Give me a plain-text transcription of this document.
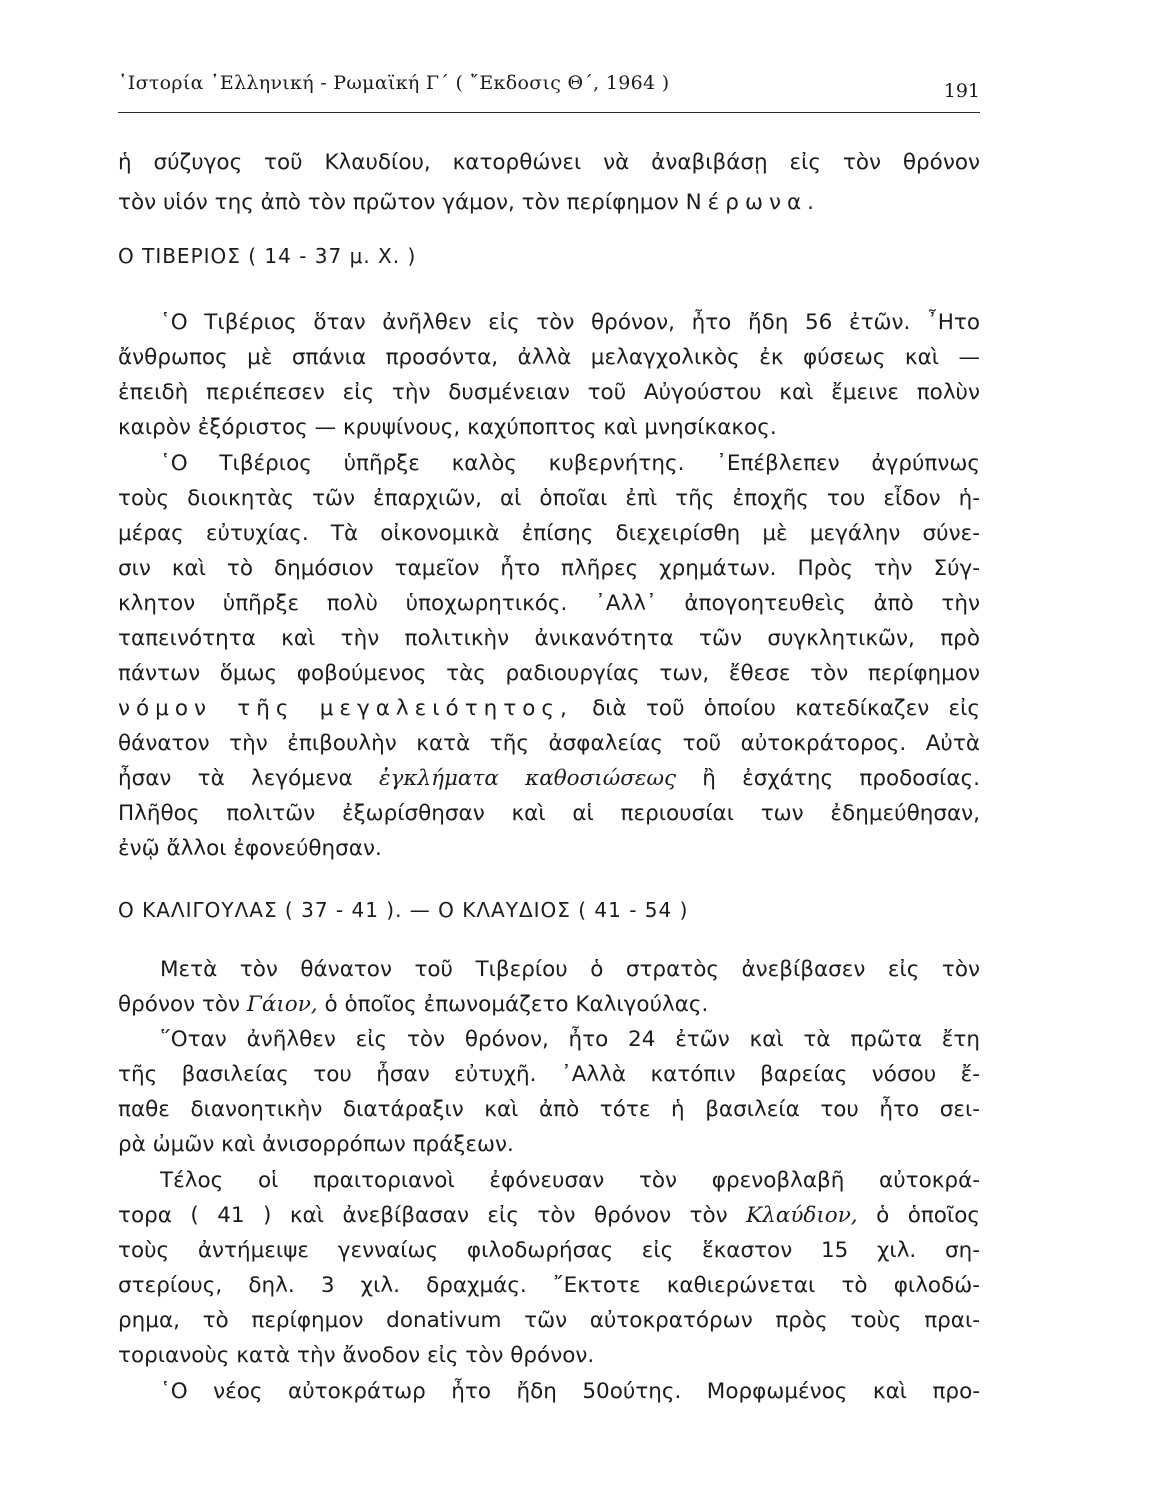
῾Ιστορία ῾Ελληνική - Ρωμαϊκή Γ΄ ( ῎Εκδοσις Θ΄, 1964 )	191
ἡ σύζυγος τοῦ Κλαυδίου, κατορθώνει νὰ ἀναβιβάσῃ εἰς τὸν θρόνον
τὸν υἱόν της ἀπὸ τὸν πρῶτον γάμον, τὸν περίφημον Νέρωνα.
Ο ΤΙΒΕΡΙΟΣ ( 14 - 37 μ. Χ. )
῾Ο Τιβέριος ὅταν ἀνῆλθεν εἰς τὸν θρόνον, ἦτο ἤδη 56 ἐτῶν. ῏Ητο
ἄνθρωπος μὲ σπάνια προσόντα, ἀλλὰ μελαγχολικὸς ἐκ φύσεως καὶ —
ἐπειδὴ περιέπεσεν εἰς τὴν δυσμένειαν τοῦ Αὐγούστου καὶ ἔμεινε πολὺν
καιρὸν ἐξόριστος — κρυψίνους, καχύποπτος καὶ μνησίκακος.
῾Ο Τιβέριος ὑπῆρξε καλὸς κυβερνήτης. ᾽Επέβλεπεν ἀγρύπνως
τοὺς διοικητὰς τῶν ἐπαρχιῶν, αἱ ὁποῖαι ἐπὶ τῆς ἐποχῆς του εἶδον ἡ-
μέρας εὐτυχίας. Τὰ οἰκονομικὰ ἐπίσης διεχειρίσθη μὲ μεγάλην σύνε-
σιν καὶ τὸ δημόσιον ταμεῖον ἦτο πλῆρες χρημάτων. Πρὸς τὴν Σύγ-
κλητον ὑπῆρξε πολὺ ὑποχωρητικός. ᾽Αλλ᾽ ἀπογοητευθεὶς ἀπὸ τὴν
ταπεινότητα καὶ τὴν πολιτικὴν ἀνικανότητα τῶν συγκλητικῶν, πρὸ
πάντων ὅμως φοβούμενος τὰς ραδιουργίας των, ἔθεσε τὸν περίφημον
νόμον τῆς μεγαλειότητος, διὰ τοῦ ὁποίου κατεδίκαζεν εἰς
θάνατον τὴν ἐπιβουλὴν κατὰ τῆς ἀσφαλείας τοῦ αὐτοκράτορος. Αὐτὰ
ἦσαν τὰ λεγόμενα ἐγκλήματα καθοσιώσεως ἢ ἐσχάτης προδοσίας.
Πλῆθος πολιτῶν ἐξωρίσθησαν καὶ αἱ περιουσίαι των ἐδημεύθησαν,
ἐνῷ ἄλλοι ἐφονεύθησαν.
Ο ΚΑΛΙΓΟΥΛΑΣ ( 37 - 41 ). — Ο ΚΛΑΥΔΙΟΣ ( 41 - 54 )
Μετὰ τὸν θάνατον τοῦ Τιβερίου ὁ στρατὸς ἀνεβίβασεν εἰς τὸν
θρόνον τὸν Γάιον, ὁ ὁποῖος ἐπωνομάζετο Καλιγούλας.
῞Οταν ἀνῆλθεν εἰς τὸν θρόνον, ἦτο 24 ἐτῶν καὶ τὰ πρῶτα ἔτη
τῆς βασιλείας του ἦσαν εὐτυχῆ. ᾽Αλλὰ κατόπιν βαρείας νόσου ἔ-
παθε διανοητικὴν διατάραξιν καὶ ἀπὸ τότε ἡ βασιλεία του ἦτο σει-
ρὰ ὠμῶν καὶ ἀνισορρόπων πράξεων.
Τέλος οἱ πραιτοριανοὶ ἐφόνευσαν τὸν φρενοβλαβῆ αὐτοκρά-
τορα ( 41 ) καὶ ἀνεβίβασαν εἰς τὸν θρόνον τὸν Κλαύδιον, ὁ ὁποῖος
τοὺς ἀντήμειψε γενναίως φιλοδωρήσας εἰς ἕκαστον 15 χιλ. ση-
στερίους, δηλ. 3 χιλ. δραχμάς. ῎Εκτοτε καθιερώνεται τὸ φιλοδώ-
ρημα, τὸ περίφημον donativum τῶν αὐτοκρατόρων πρὸς τοὺς πραι-
τοριανοὺς κατὰ τὴν ἄνοδον εἰς τὸν θρόνον.
῾Ο νέος αὐτοκράτωρ ἦτο ἤδη 50ούτης. Μορφωμένος καὶ προ-
